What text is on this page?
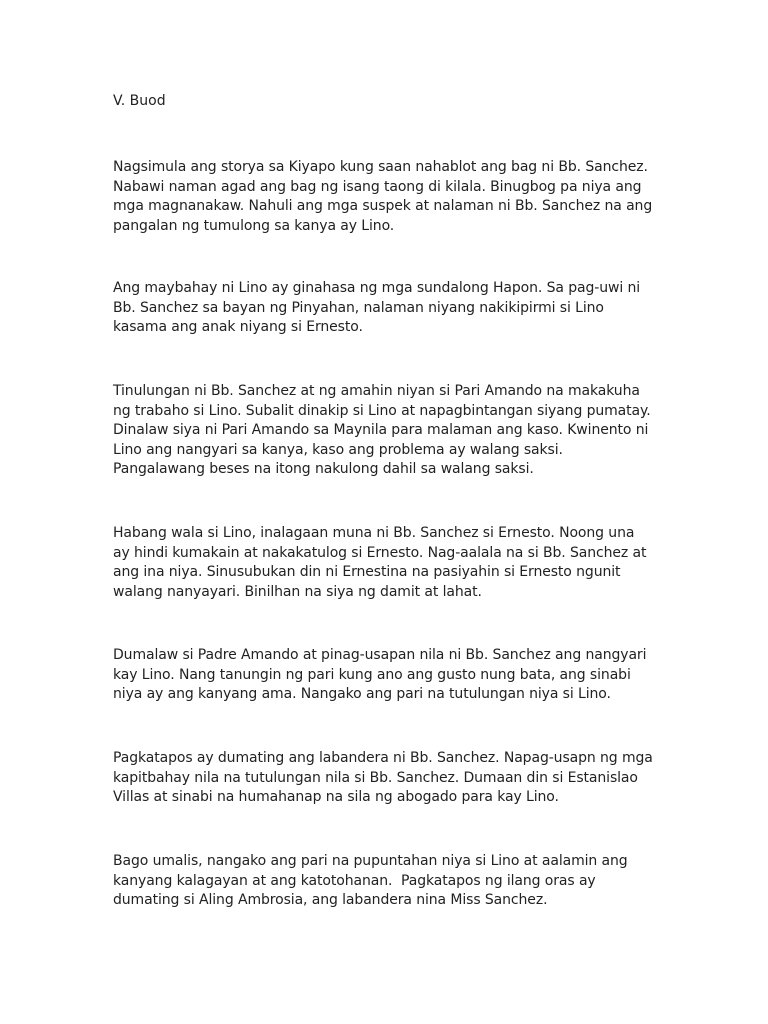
V. Buod

Nagsimula ang storya sa Kiyapo kung saan nahablot ang bag ni Bb. Sanchez.
Nabawi naman agad ang bag ng isang taong di kilala. Binugbog pa niya ang
mga magnanakaw. Nahuli ang mga suspek at nalaman ni Bb. Sanchez na ang
pangalan ng tumulong sa kanya ay Lino.

Ang maybahay ni Lino ay ginahasa ng mga sundalong Hapon. Sa pag-uwi ni
Bb. Sanchez sa bayan ng Pinyahan, nalaman niyang nakikipirmi si Lino
kasama ang anak niyang si Ernesto.

Tinulungan ni Bb. Sanchez at ng amahin niyan si Pari Amando na makakuha
ng trabaho si Lino. Subalit dinakip si Lino at napagbintangan siyang pumatay.
Dinalaw siya ni Pari Amando sa Maynila para malaman ang kaso. Kwinento ni
Lino ang nangyari sa kanya, kaso ang problema ay walang saksi.
Pangalawang beses na itong nakulong dahil sa walang saksi.

Habang wala si Lino, inalagaan muna ni Bb. Sanchez si Ernesto. Noong una
ay hindi kumakain at nakakatulog si Ernesto. Nag-aalala na si Bb. Sanchez at
ang ina niya. Sinusubukan din ni Ernestina na pasiyahin si Ernesto ngunit
walang nanyayari. Binilhan na siya ng damit at lahat.

Dumalaw si Padre Amando at pinag-usapan nila ni Bb. Sanchez ang nangyari
kay Lino. Nang tanungin ng pari kung ano ang gusto nung bata, ang sinabi
niya ay ang kanyang ama. Nangako ang pari na tutulungan niya si Lino.

Pagkatapos ay dumating ang labandera ni Bb. Sanchez. Napag-usapn ng mga
kapitbahay nila na tutulungan nila si Bb. Sanchez. Dumaan din si Estanislao
Villas at sinabi na humahanap na sila ng abogado para kay Lino.

Bago umalis, nangako ang pari na pupuntahan niya si Lino at aalamin ang
kanyang kalagayan at ang katotohanan.  Pagkatapos ng ilang oras ay
dumating si Aling Ambrosia, ang labandera nina Miss Sanchez.
